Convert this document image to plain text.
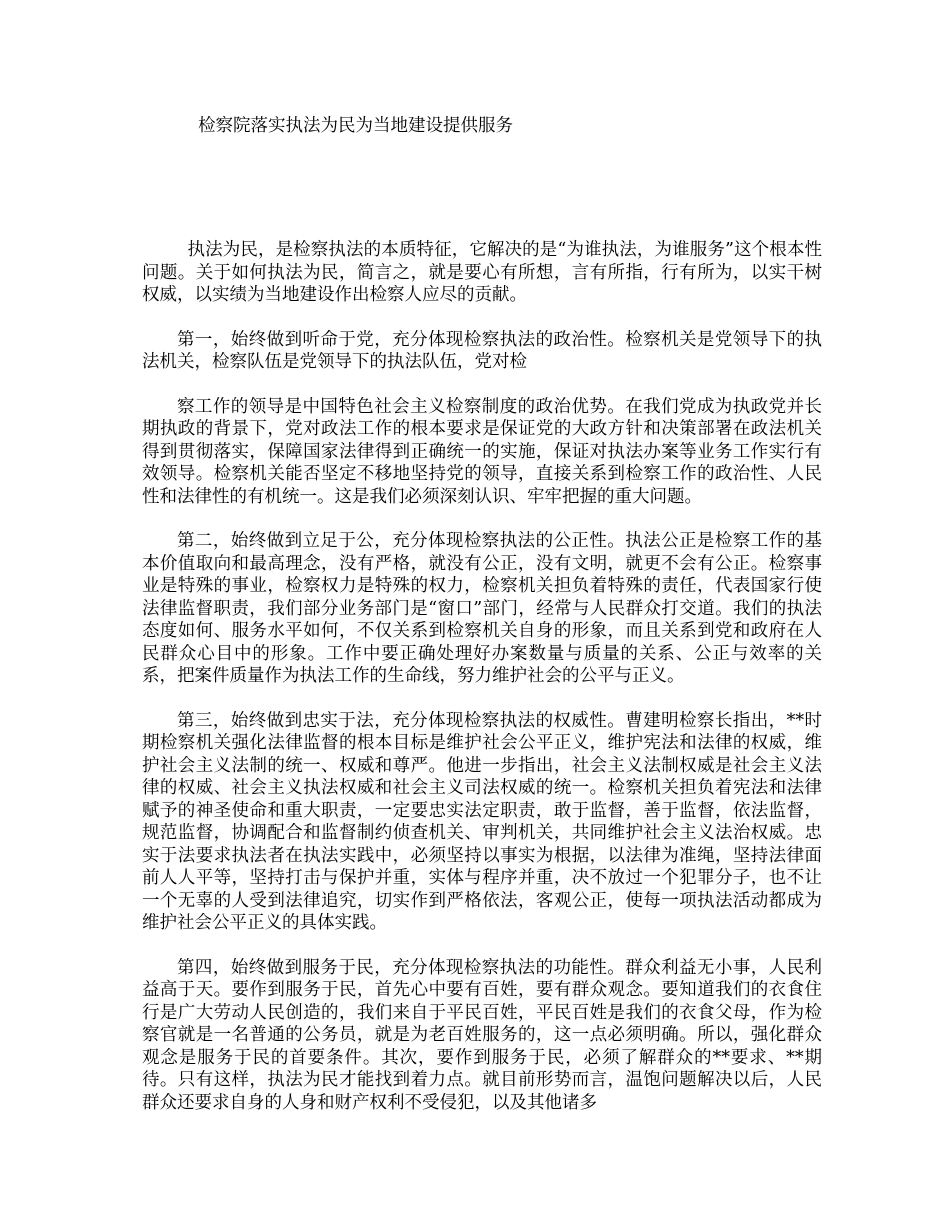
检察院落实执法为民为当地建设提供服务

执法为民，是检察执法的本质特征，它解决的是“为谁执法，为谁服务”这个根本性问题。关于如何执法为民，简言之，就是要心有所想，言有所指，行有所为，以实干树权威，以实绩为当地建设作出检察人应尽的贡献。

第一，始终做到听命于党，充分体现检察执法的政治性。检察机关是党领导下的执法机关，检察队伍是党领导下的执法队伍，党对检

察工作的领导是中国特色社会主义检察制度的政治优势。在我们党成为执政党并长期执政的背景下，党对政法工作的根本要求是保证党的大政方针和决策部署在政法机关得到贯彻落实，保障国家法律得到正确统一的实施，保证对执法办案等业务工作实行有效领导。检察机关能否坚定不移地坚持党的领导，直接关系到检察工作的政治性、人民性和法律性的有机统一。这是我们必须深刻认识、牢牢把握的重大问题。

第二，始终做到立足于公，充分体现检察执法的公正性。执法公正是检察工作的基本价值取向和最高理念，没有严格，就没有公正，没有文明，就更不会有公正。检察事业是特殊的事业，检察权力是特殊的权力，检察机关担负着特殊的责任，代表国家行使法律监督职责，我们部分业务部门是“窗口”部门，经常与人民群众打交道。我们的执法态度如何、服务水平如何，不仅关系到检察机关自身的形象，而且关系到党和政府在人民群众心目中的形象。工作中要正确处理好办案数量与质量的关系、公正与效率的关系，把案件质量作为执法工作的生命线，努力维护社会的公平与正义。

第三，始终做到忠实于法，充分体现检察执法的权威性。曹建明检察长指出，**时期检察机关强化法律监督的根本目标是维护社会公平正义，维护宪法和法律的权威，维护社会主义法制的统一、权威和尊严。他进一步指出，社会主义法制权威是社会主义法律的权威、社会主义执法权威和社会主义司法权威的统一。检察机关担负着宪法和法律赋予的神圣使命和重大职责，一定要忠实法定职责，敢于监督，善于监督，依法监督，规范监督，协调配合和监督制约侦查机关、审判机关，共同维护社会主义法治权威。忠实于法要求执法者在执法实践中，必须坚持以事实为根据，以法律为准绳，坚持法律面前人人平等，坚持打击与保护并重，实体与程序并重，决不放过一个犯罪分子，也不让一个无辜的人受到法律追究，切实作到严格依法，客观公正，使每一项执法活动都成为维护社会公平正义的具体实践。

第四，始终做到服务于民，充分体现检察执法的功能性。群众利益无小事，人民利益高于天。要作到服务于民，首先心中要有百姓，要有群众观念。要知道我们的衣食住行是广大劳动人民创造的，我们来自于平民百姓，平民百姓是我们的衣食父母，作为检察官就是一名普通的公务员，就是为老百姓服务的，这一点必须明确。所以，强化群众观念是服务于民的首要条件。其次，要作到服务于民，必须了解群众的**要求、**期待。只有这样，执法为民才能找到着力点。就目前形势而言，温饱问题解决以后，人民群众还要求自身的人身和财产权利不受侵犯，以及其他诸多
